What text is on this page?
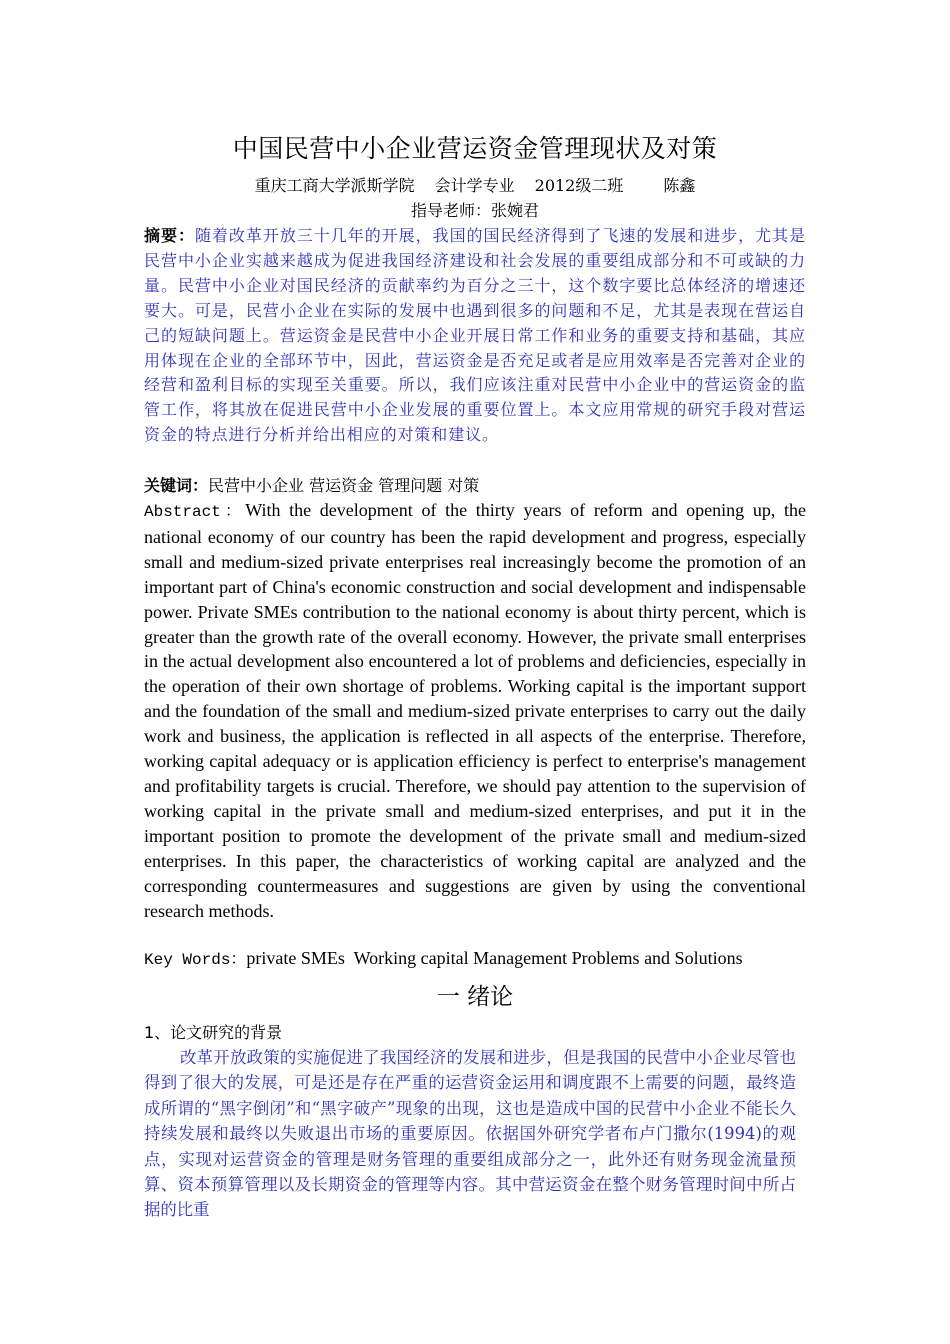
中国民营中小企业营运资金管理现状及对策
重庆工商大学派斯学院 会计学专业 2012级二班	陈鑫
指导老师：张婉君
摘要：随着改革开放三十几年的开展，我国的国民经济得到了飞速的发展和进步，尤其是民营中小企业实越来越成为促进我国经济建设和社会发展的重要组成部分和不可或缺的力量。民营中小企业对国民经济的贡献率约为百分之三十，这个数字要比总体经济的增速还要大。可是，民营小企业在实际的发展中也遇到很多的问题和不足，尤其是表现在营运自己的短缺问题上。营运资金是民营中小企业开展日常工作和业务的重要支持和基础，其应用体现在企业的全部环节中，因此，营运资金是否充足或者是应用效率是否完善对企业的经营和盈利目标的实现至关重要。所以，我们应该注重对民营中小企业中的营运资金的监管工作，将其放在促进民营中小企业发展的重要位置上。本文应用常规的研究手段对营运资金的特点进行分析并给出相应的对策和建议。
关键词：民营中小企业 营运资金 管理问题 对策
Abstract：With the development of the thirty years of reform and opening up, the national economy of our country has been the rapid development and progress, especially small and medium-sized private enterprises real increasingly become the promotion of an important part of China's economic construction and social development and indispensable power. Private SMEs contribution to the national economy is about thirty percent, which is greater than the growth rate of the overall economy. However, the private small enterprises in the actual development also encountered a lot of problems and deficiencies, especially in the operation of their own shortage of problems. Working capital is the important support and the foundation of the small and medium-sized private enterprises to carry out the daily work and business, the application is reflected in all aspects of the enterprise. Therefore, working capital adequacy or is application efficiency is perfect to enterprise's management and profitability targets is crucial. Therefore, we should pay attention to the supervision of working capital in the private small and medium-sized enterprises, and put it in the important position to promote the development of the private small and medium-sized enterprises. In this paper, the characteristics of working capital are analyzed and the corresponding countermeasures and suggestions are given by using the conventional research methods.
Key Words：private SMEs  Working capital Management Problems and Solutions
一 绪论
1、论文研究的背景
改革开放政策的实施促进了我国经济的发展和进步，但是我国的民营中小企业尽管也得到了很大的发展，可是还是存在严重的运营资金运用和调度跟不上需要的问题，最终造成所谓的“黑字倒闭”和“黑字破产”现象的出现，这也是造成中国的民营中小企业不能长久持续发展和最终以失败退出市场的重要原因。依据国外研究学者布卢门撒尔(1994)的观点，实现对运营资金的管理是财务管理的重要组成部分之一，此外还有财务现金流量预算、资本预算管理以及长期资金的管理等内容。其中营运资金在整个财务管理时间中所占据的比重
